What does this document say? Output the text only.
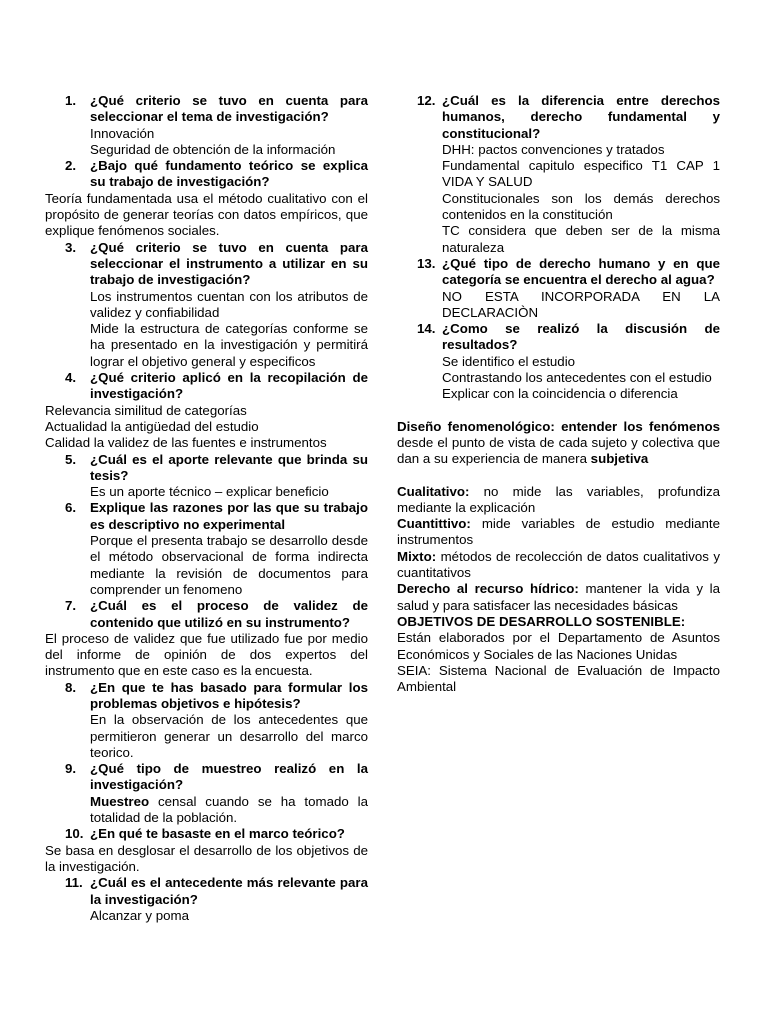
1. ¿Qué criterio se tuvo en cuenta para seleccionar el tema de investigación?
Innovación
Seguridad de obtención de la información
2. ¿Bajo qué fundamento teórico se explica su trabajo de investigación?
Teoría fundamentada usa el método cualitativo con el propósito de generar teorías con datos empíricos, que explique fenómenos sociales.
3. ¿Qué criterio se tuvo en cuenta para seleccionar el instrumento a utilizar en su trabajo de investigación?
Los instrumentos cuentan con los atributos de validez y confiabilidad
Mide la estructura de categorías conforme se ha presentado en la investigación y permitirá lograr el objetivo general y especificos
4. ¿Qué criterio aplicó en la recopilación de investigación?
Relevancia similitud de categorías
Actualidad la antigüedad del estudio
Calidad la validez de las fuentes e instrumentos
5. ¿Cuál es el aporte relevante que brinda su tesis?
Es un aporte técnico – explicar beneficio
6. Explique las razones por las que su trabajo es descriptivo no experimental
Porque el presenta trabajo se desarrollo desde el método observacional de forma indirecta mediante la revisión de documentos para comprender un fenomeno
7. ¿Cuál es el proceso de validez de contenido que utilizó en su instrumento?
El proceso de validez que fue utilizado fue por medio del informe de opinión de dos expertos del instrumento que en este caso es la encuesta.
8. ¿En que te has basado para formular los problemas objetivos e hipótesis?
En la observación de los antecedentes que permitieron generar un desarrollo del marco teorico.
9. ¿Qué tipo de muestreo realizó en la investigación?
Muestreo censal cuando se ha tomado la totalidad de la población.
10. ¿En qué te basaste en el marco teórico?
Se basa en desglosar el desarrollo de los objetivos de la investigación.
11. ¿Cuál es el antecedente más relevante para la investigación?
Alcanzar y poma
12. ¿Cuál es la diferencia entre derechos humanos, derecho fundamental y constitucional?
DHH: pactos convenciones y tratados
Fundamental capitulo especifico T1 CAP 1 VIDA Y SALUD
Constitucionales son los demás derechos contenidos en la constitución
TC considera que deben ser de la misma naturaleza
13. ¿Qué tipo de derecho humano y en que categoría se encuentra el derecho al agua?
NO ESTA INCORPORADA EN LA DECLARACIÒN
14. ¿Como se realizó la discusión de resultados?
Se identifico el estudio
Contrastando los antecedentes con el estudio
Explicar con la coincidencia o diferencia
Diseño fenomenológico: entender los fenómenos desde el punto de vista de cada sujeto y colectiva que dan a su experiencia de manera subjetiva
Cualitativo: no mide las variables, profundiza mediante la explicación
Cuantittivo: mide variables de estudio mediante instrumentos
Mixto: métodos de recolección de datos cualitativos y cuantitativos
Derecho al recurso hídrico: mantener la vida y la salud y para satisfacer las necesidades básicas
OBJETIVOS DE DESARROLLO SOSTENIBLE:
Están elaborados por el Departamento de Asuntos Económicos y Sociales de las Naciones Unidas
SEIA: Sistema Nacional de Evaluación de Impacto Ambiental
